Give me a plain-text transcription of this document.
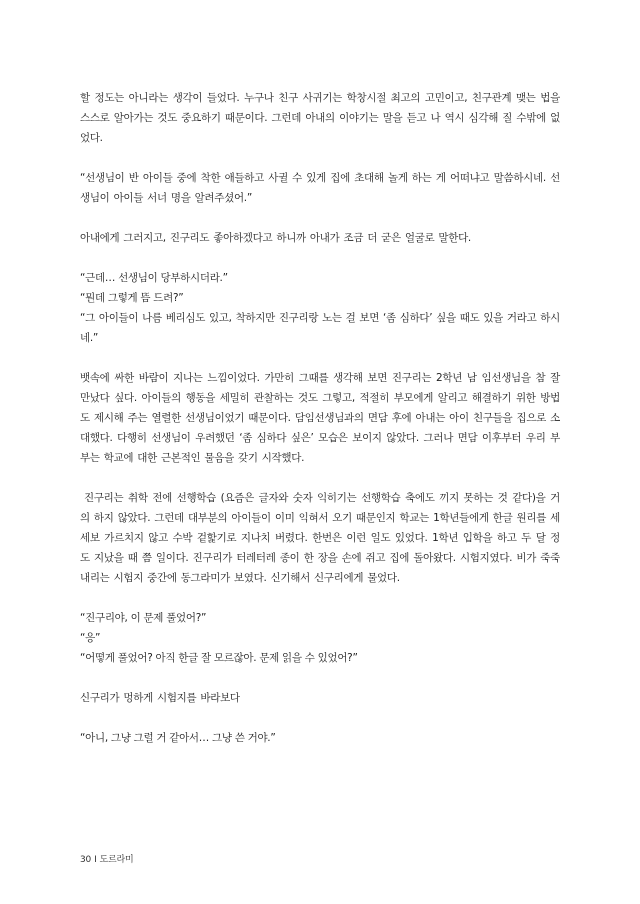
할 정도는 아니라는 생각이 들었다. 누구나 친구 사귀기는 학창시절 최고의 고민이고, 친구관계 맺는 법을 스스로 알아가는 것도 중요하기 때문이다. 그런데 아내의 이야기는 말을 듣고 나 역시 심각해 질 수밖에 없었다.

“선생님이 반 아이들 중에 착한 애들하고 사귈 수 있게 집에 초대해 놀게 하는 게 어떠냐고 말씀하시네. 선생님이 아이들 서너 명을 알려주셨어.”

아내에게 그러지고, 진구리도 좋아하겠다고 하니까 아내가 조금 더 굳은 얼굴로 말한다.

“근데… 선생님이 당부하시더라.”

“뭔데 그렇게 뜸 드려?”

“그 아이들이 나름 베리심도 있고, 착하지만 진구리랑 노는 걸 보면 ‘좀 심하다’ 싶을 때도 있을 거라고 하시네.”

뱃속에 싸한 바람이 지나는 느낌이었다. 가만히 그때를 생각해 보면 진구리는 2학년 남 임선생님을 참 잘 만났다 싶다. 아이들의 행동을 세밀히 관찰하는 것도 그렇고, 적절히 부모에게 알리고 해결하기 위한 방법도 제시해 주는 열렬한 선생님이었기 때문이다. 담임선생님과의 면담 후에 아내는 아이 친구들을 집으로 소대했다. 다행히 선생님이 우려했던 ‘좀 심하다 싶은’ 모습은 보이지 않았다. 그러나 면담 이후부터 우리 부부는 학교에 대한 근본적인 물음을 갖기 시작했다.

진구리는 취학 전에 선행학습 (요즘은 글자와 숫자 익히기는 선행학습 축에도 끼지 못하는 것 같다)을 거의 하지 않았다. 그런데 대부분의 아이들이 이미 익혀서 오기 때문인지 학교는 1학년들에게 한글 원리를 세세보 가르치지 않고 수박 겉핥기로 지나치 버렸다. 한번은 이런 일도 있었다. 1학년 입학을 하고 두 달 정도 지났을 때 쯤 일이다. 진구리가 터레터레 종이 한 장을 손에 쥐고 집에 돌아왔다. 시험지였다. 비가 죽죽 내리는 시험지 중간에 동그라미가 보였다. 신기해서 신구리에게 물었다.

“진구리야, 이 문제 풀었어?”

“응”

“어떻게 풀었어? 아직 한글 잘 모르잖아. 문제 읽을 수 있었어?”

신구리가 멍하게 시험지를 바라보다

“아니, 그냥 그럴 거 같아서… 그냥 쓴 거야.”

30 I 도르라미
